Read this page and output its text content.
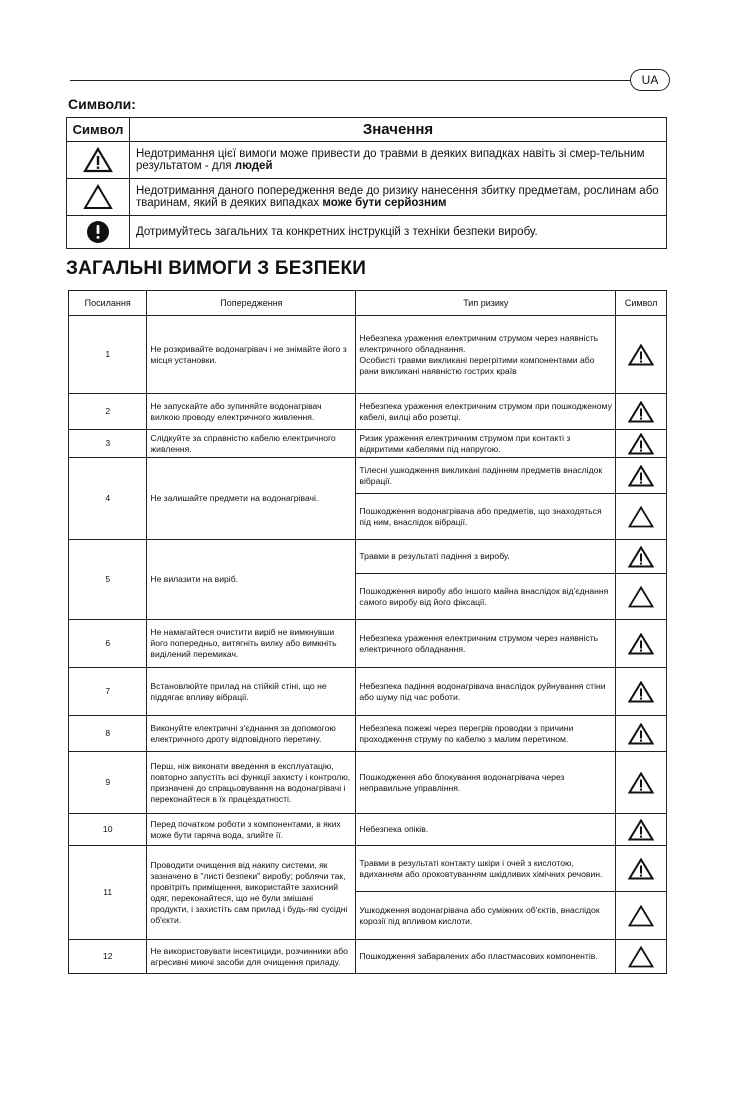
UA
Символи:
Символ	Значення
	Недотримання цієї вимоги може привести до травми в деяких випадках навіть зі смер-тельним результатом - для людей
	Недотримання даного попередження веде до ризику нанесення збитку предметам, рослинам або тваринам, який в деяких випадках може бути серйозним
	Дотримуйтесь загальних та конкретних інструкцій з техніки безпеки виробу.
ЗАГАЛЬНІ ВИМОГИ З БЕЗПЕКИ
Посилання	Попередження	Тип ризику	Символ
1	Не розкривайте водонагрівач і не знімайте його з місця установки.	Небезпека ураження електричним струмом через наявність електричного обладнання.
Особисті травми викликані перегрітими компонентами або рани викликані наявністю гострих країв	
2	Не запускайте або зупиняйте водонагрівач вилкою проводу електричного живлення.	Небезпека ураження електричним струмом при пошкодженому кабелі, вилці або розетці.	
3	Слідкуйте за справністю кабелю електричного живлення.	Ризик ураження електричним струмом при контакті з відкритими кабелями під напругою.	
4	Не залишайте предмети на водонагрівачі.	Тілесні ушкодження викликані падінням предметів внаслідок вібрації.	
		Пошкодження водонагрівача або предметів, що знаходяться під ним, внаслідок вібрації.	
5	Не вилазити на виріб.	Травми в результаті падіння з виробу.	
		Пошкодження виробу або іншого майна внаслідок від'єднання самого виробу від його фіксації.	
6	Не намагайтеся очистити виріб не вимкнувши його попередньо, витягніть вилку або вимкніть виділений перемикач.	Небезпека ураження електричним струмом через наявність електричного обладнання.	
7	Встановлюйте прилад на стійкій стіні, що не піддягає впливу вібрації.	Небезпека падіння водонагрівача внаслідок руйнування стіни або шуму під час роботи.	
8	Виконуйте електричні з'єднання за допомогою електричного дроту відповідного перетину.	Небезпека пожежі через перегрів проводки з причини проходження струму по кабелю з малим перетином.	
9	Перш, ніж виконати введення в експлуатацію, повторно запустіть всі функції захисту і контролю, призначені до спрацьовування на водонагрівачі і переконайтеся в їх працездатності.	Пошкодження або блокування водонагрівача через неправильне управління.	
10	Перед початком роботи з компонентами, в яких може бути гаряча вода, злийте її.	Небезпека опіків.	
11	Проводити очищення від накипу системи, як зазначено в "листі безпеки" виробу; роблячи так, провітріть приміщення, використайте захисний одяг, переконайтеся, що не були змішані продукти, і захистіть сам прилад і будь-які сусідні об'єкти.	Травми в результаті контакту шкіри і очей з кислотою, вдиханням або проковтуванням шкідливих хімічних речовин.	
		Ушкодження водонагрівача або суміжних об'єктів, внаслідок корозії під впливом кислоти.	
12	Не використовувати інсектициди, розчинники або агресивні миючі засоби для очищення приладу.	Пошкодження забарвлених або пластмасових компонентів.	
